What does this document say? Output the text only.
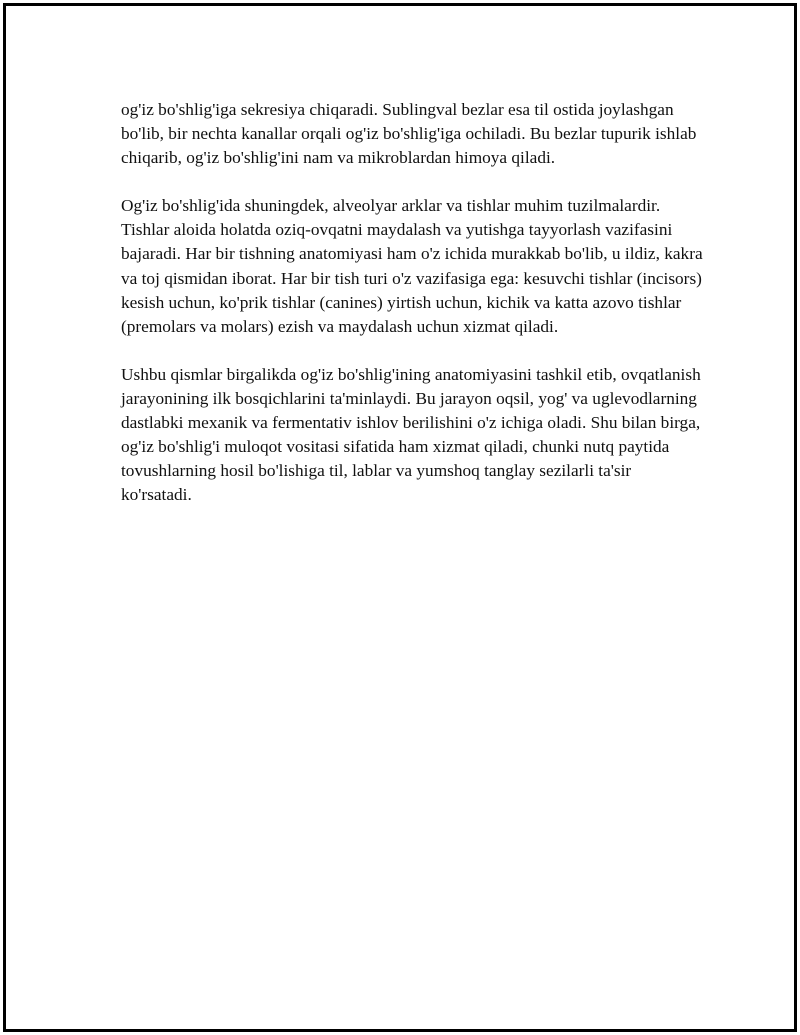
og'iz bo'shlig'iga sekresiya chiqaradi. Sublingval bezlar esa til ostida joylashgan bo'lib, bir nechta kanallar orqali og'iz bo'shlig'iga ochiladi. Bu bezlar tupurik ishlab chiqarib, og'iz bo'shlig'ini nam va mikroblardan himoya qiladi.

Og'iz bo'shlig'ida shuningdek, alveolyar arklar va tishlar muhim tuzilmalardir. Tishlar aloida holatda oziq-ovqatni maydalash va yutishga tayyorlash vazifasini bajaradi. Har bir tishning anatomiyasi ham o'z ichida murakkab bo'lib, u ildiz, kakra va toj qismidan iborat. Har bir tish turi o'z vazifasiga ega: kesuvchi tishlar (incisors) kesish uchun, ko'prik tishlar (canines) yirtish uchun, kichik va katta azovo tishlar (premolars va molars) ezish va maydalash uchun xizmat qiladi.

Ushbu qismlar birgalikda og'iz bo'shlig'ining anatomiyasini tashkil etib, ovqatlanish jarayonining ilk bosqichlarini ta'minlaydi. Bu jarayon oqsil, yog' va uglevodlarning dastlabki mexanik va fermentativ ishlov berilishini o'z ichiga oladi. Shu bilan birga, og'iz bo'shlig'i muloqot vositasi sifatida ham xizmat qiladi, chunki nutq paytida tovushlarning hosil bo'lishiga til, lablar va yumshoq tanglay sezilarli ta'sir ko'rsatadi.
